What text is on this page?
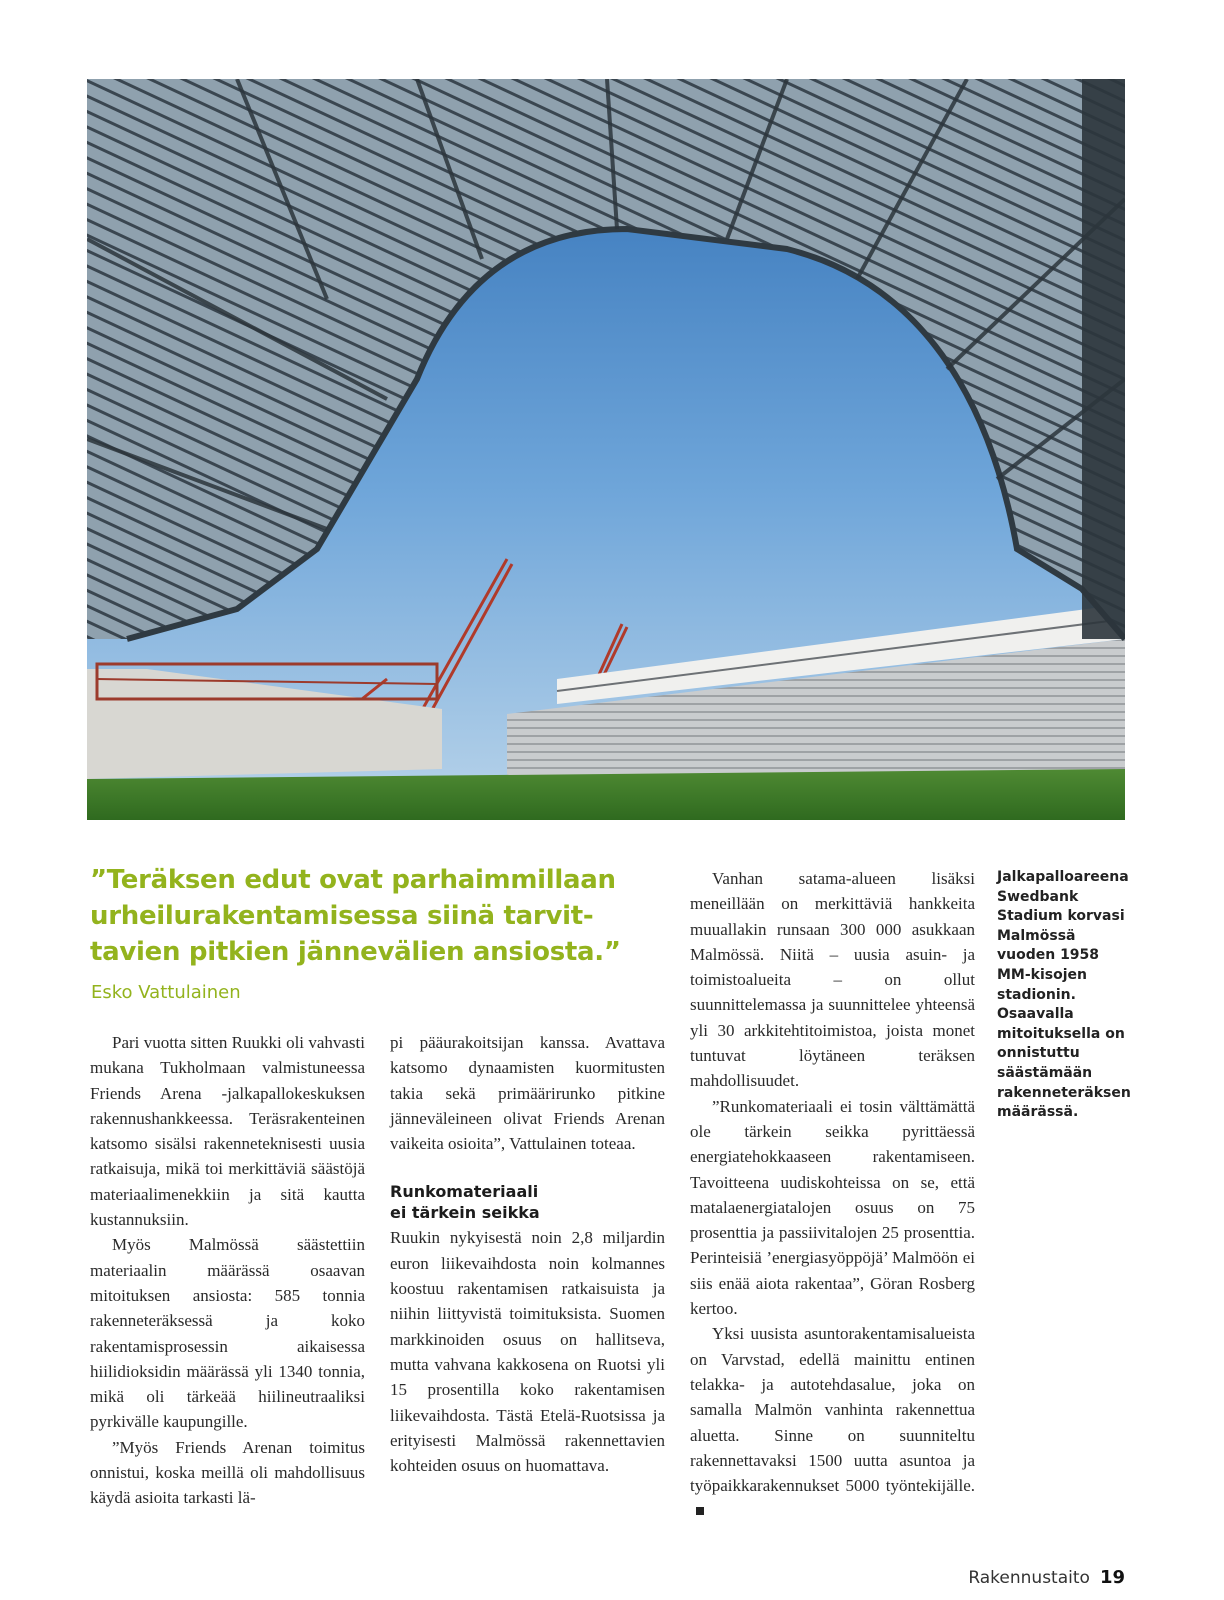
”Teräksen edut ovat parhaimmillaan
urheilurakentamisessa siinä tarvit-
tavien pitkien jännevälien ansiosta.”
Esko Vattulainen

Pari vuotta sitten Ruukki oli vahvasti mukana Tukholmaan valmistuneessa Friends Arena -jalkapallokeskuksen rakennushankkeessa. Teräsrakenteinen katsomo sisälsi rakenneteknisesti uusia ratkaisuja, mikä toi merkittäviä säästöjä materiaalimenekkiin ja sitä kautta kustannuksiin.

Myös Malmössä säästettiin materiaalin määrässä osaavan mitoituksen ansiosta: 585 tonnia rakenneteräksessä ja koko rakentamisprosessin aikaisessa hiilidioksidin määrässä yli 1340 tonnia, mikä oli tärkeää hiilineutraaliksi pyrkivälle kaupungille.

”Myös Friends Arenan toimitus onnistui, koska meillä oli mahdollisuus käydä asioita tarkasti lä-

pi pääurakoitsijan kanssa. Avattava katsomo dynaamisten kuormitusten takia sekä primäärirunko pitkine jänneväleineen olivat Friends Arenan vaikeita osioita”, Vattulainen toteaa.

Runkomateriaali
ei tärkein seikka

Ruukin nykyisestä noin 2,8 miljardin euron liikevaihdosta noin kolmannes koostuu rakentamisen ratkaisuista ja niihin liittyvistä toimituksista. Suomen markkinoiden osuus on hallitseva, mutta vahvana kakkosena on Ruotsi yli 15 prosentilla koko rakentamisen liikevaihdosta. Tästä Etelä-Ruotsissa ja erityisesti Malmössä rakennettavien kohteiden osuus on huomattava.

Vanhan satama-alueen lisäksi meneillään on merkittäviä hankkeita muuallakin runsaan 300 000 asukkaan Malmössä. Niitä – uusia asuin- ja toimistoalueita – on ollut suunnittelemassa ja suunnittelee yhteensä yli 30 arkkitehtitoimistoa, joista monet tuntuvat löytäneen teräksen mahdollisuudet.

”Runkomateriaali ei tosin välttämättä ole tärkein seikka pyrittäessä energiatehokkaaseen rakentamiseen. Tavoitteena uudiskohteissa on se, että matalaenergiatalojen osuus on 75 prosenttia ja passiivitalojen 25 prosenttia. Perinteisiä ’energiasyöppöjä’ Malmöön ei siis enää aiota rakentaa”, Göran Rosberg kertoo.

Yksi uusista asuntorakentamisalueista on Varvstad, edellä mainittu entinen telakka- ja autotehdasalue, joka on samalla Malmön vanhinta rakennettua aluetta. Sinne on suunniteltu rakennettavaksi 1500 uutta asuntoa ja työpaikkarakennukset 5000 työntekijälle.

Jalkapalloareena Swedbank Stadium korvasi Malmössä vuoden 1958 MM-kisojen stadionin. Osaavalla mitoituksella on onnistuttu säästämään rakenneteräksen määrässä.
Rakennustaito 19
